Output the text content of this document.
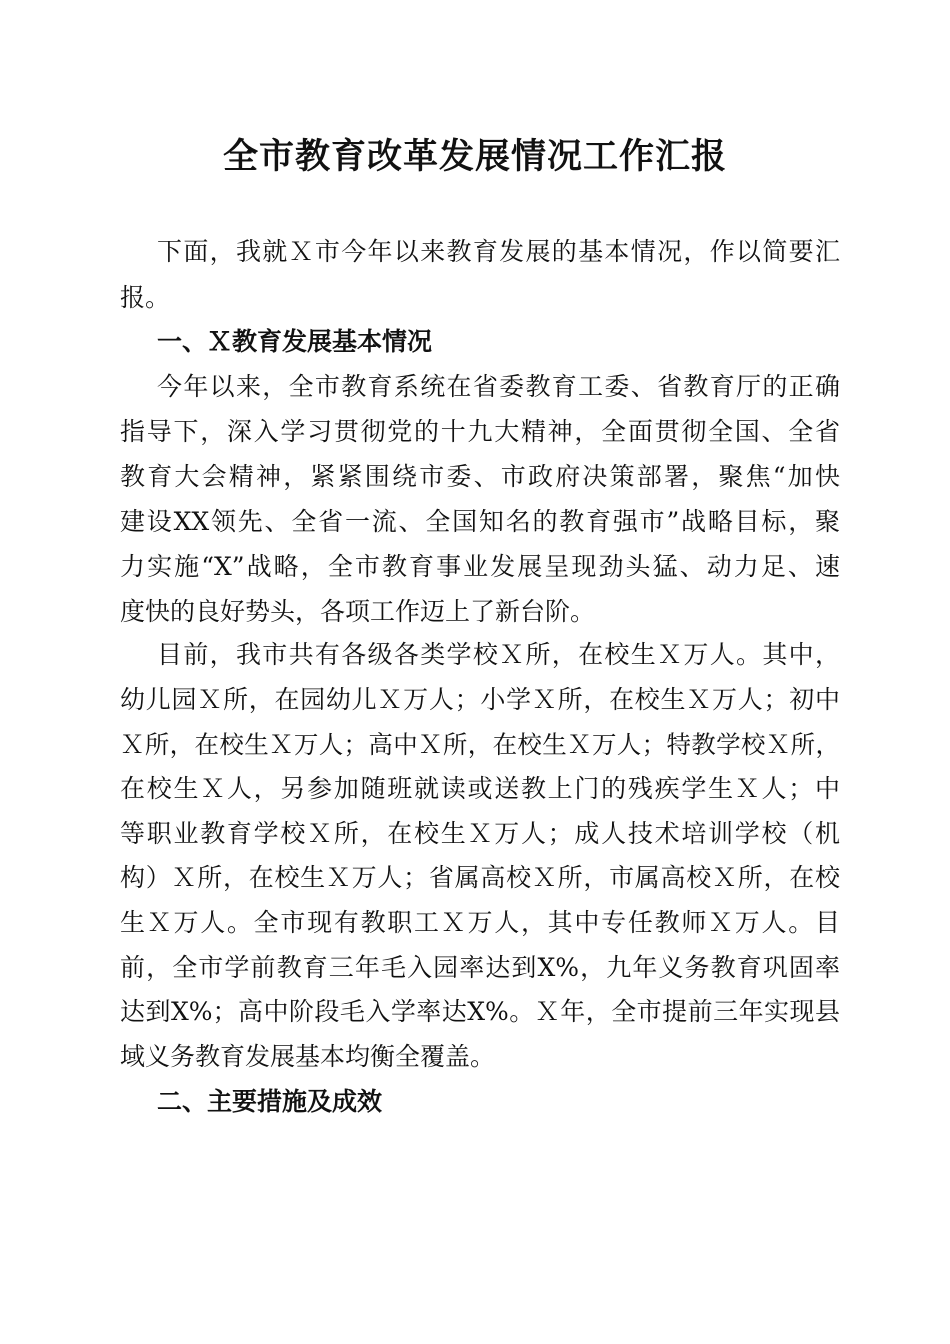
全市教育改革发展情况工作汇报
下面，我就Ｘ市今年以来教育发展的基本情况，作以简要汇
报。
一、Ｘ教育发展基本情况
今年以来，全市教育系统在省委教育工委、省教育厅的正确
指导下，深入学习贯彻党的十九大精神，全面贯彻全国、全省
教育大会精神，紧紧围绕市委、市政府决策部署，聚焦“加快
建设XX领先、全省一流、全国知名的教育强市”战略目标，聚
力实施“X”战略，全市教育事业发展呈现劲头猛、动力足、速
度快的良好势头，各项工作迈上了新台阶。
目前，我市共有各级各类学校Ｘ所，在校生Ｘ万人。其中，
幼儿园Ｘ所，在园幼儿Ｘ万人；小学Ｘ所，在校生Ｘ万人；初中
Ｘ所，在校生Ｘ万人；高中Ｘ所，在校生Ｘ万人；特教学校Ｘ所，
在校生Ｘ人，另参加随班就读或送教上门的残疾学生Ｘ人；中
等职业教育学校Ｘ所，在校生Ｘ万人；成人技术培训学校（机
构）Ｘ所，在校生Ｘ万人；省属高校Ｘ所，市属高校Ｘ所，在校
生Ｘ万人。全市现有教职工Ｘ万人，其中专任教师Ｘ万人。目
前，全市学前教育三年毛入园率达到X%，九年义务教育巩固率
达到X%；高中阶段毛入学率达X%。Ｘ年，全市提前三年实现县
域义务教育发展基本均衡全覆盖。
二、主要措施及成效
